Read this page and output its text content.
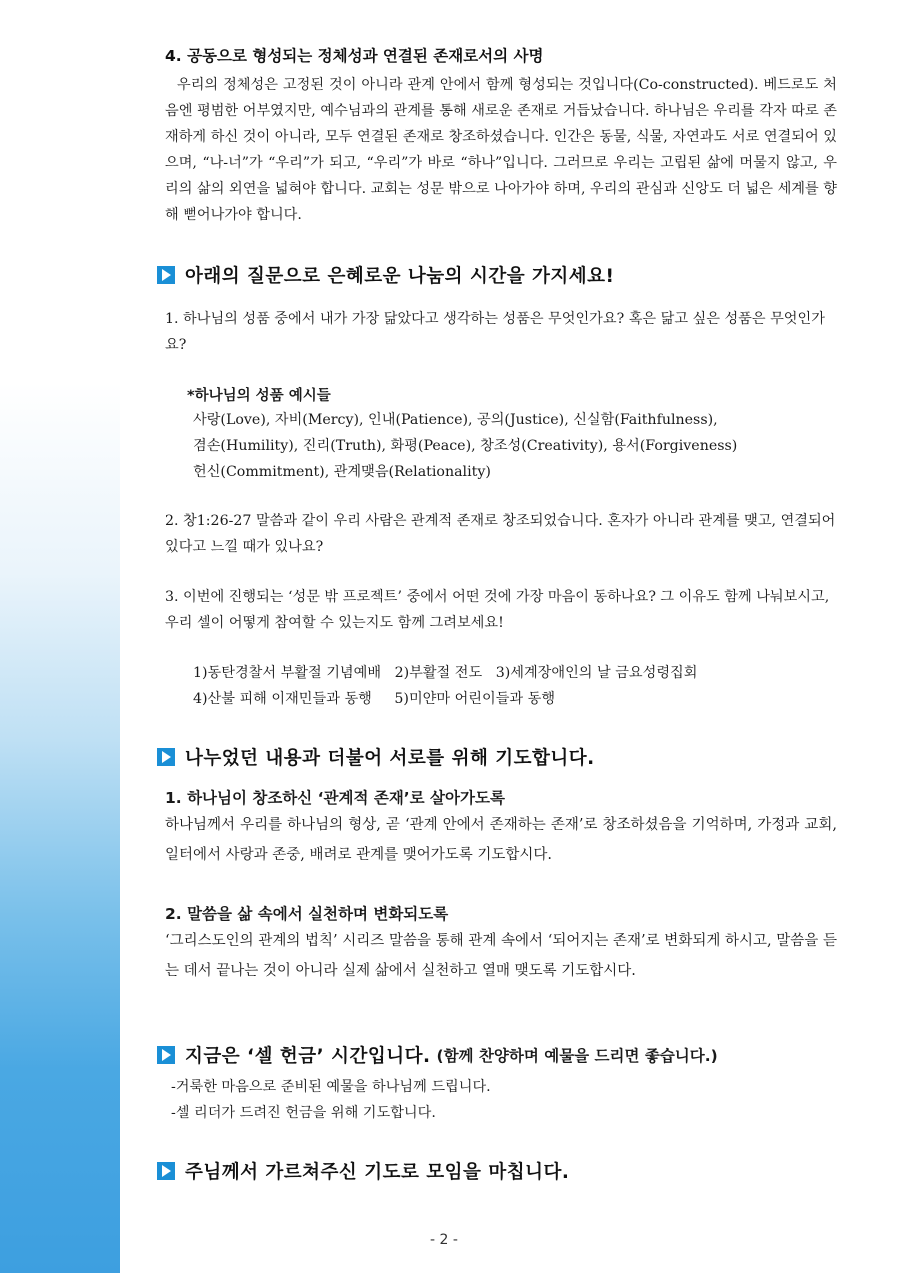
4. 공동으로 형성되는 정체성과 연결된 존재로서의 사명

우리의 정체성은 고정된 것이 아니라 관계 안에서 함께 형성되는 것입니다(Co-constructed). 베드로도 처음엔 평범한 어부였지만, 예수님과의 관계를 통해 새로운 존재로 거듭났습니다. 하나님은 우리를 각자 따로 존재하게 하신 것이 아니라, 모두 연결된 존재로 창조하셨습니다. 인간은 동물, 식물, 자연과도 서로 연결되어 있으며, “나-너”가 “우리”가 되고, “우리”가 바로 “하나”입니다. 그러므로 우리는 고립된 삶에 머물지 않고, 우리의 삶의 외연을 넓혀야 합니다. 교회는 성문 밖으로 나아가야 하며, 우리의 관심과 신앙도 더 넓은 세계를 향해 뻗어나가야 합니다.

아래의 질문으로 은혜로운 나눔의 시간을 가지세요!

1. 하나님의 성품 중에서 내가 가장 닮았다고 생각하는 성품은 무엇인가요? 혹은 닮고 싶은 성품은 무엇인가요?

*하나님의 성품 예시들

사랑(Love), 자비(Mercy), 인내(Patience), 공의(Justice), 신실함(Faithfulness),

겸손(Humility), 진리(Truth), 화평(Peace), 창조성(Creativity), 용서(Forgiveness)

헌신(Commitment), 관계맺음(Relationality)

2. 창1:26-27 말씀과 같이 우리 사람은 관계적 존재로 창조되었습니다. 혼자가 아니라 관계를 맺고, 연결되어 있다고 느낄 때가 있나요?

3. 이번에 진행되는 ‘성문 밖 프로젝트’ 중에서 어떤 것에 가장 마음이 동하나요? 그 이유도 함께 나눠보시고, 우리 셀이 어떻게 참여할 수 있는지도 함께 그려보세요!

1)동탄경찰서 부활절 기념예배   2)부활절 전도   3)세계장애인의 날 금요성령집회

4)산불 피해 이재민들과 동행     5)미얀마 어린이들과 동행

나누었던 내용과 더불어 서로를 위해 기도합니다.

1. 하나님이 창조하신 ‘관계적 존재’로 살아가도록

하나님께서 우리를 하나님의 형상, 곧 ‘관계 안에서 존재하는 존재’로 창조하셨음을 기억하며, 가정과 교회, 일터에서 사랑과 존중, 배려로 관계를 맺어가도록 기도합시다.

2. 말씀을 삶 속에서 실천하며 변화되도록

‘그리스도인의 관계의 법칙’ 시리즈 말씀을 통해 관계 속에서 ‘되어지는 존재’로 변화되게 하시고, 말씀을 듣는 데서 끝나는 것이 아니라 실제 삶에서 실천하고 열매 맺도록 기도합시다.

지금은 ‘셀 헌금’ 시간입니다. (함께 찬양하며 예물을 드리면 좋습니다.)

-거룩한 마음으로 준비된 예물을 하나님께 드립니다.

-셀 리더가 드려진 헌금을 위해 기도합니다.

주님께서 가르쳐주신 기도로 모임을 마칩니다.
- 2 -
